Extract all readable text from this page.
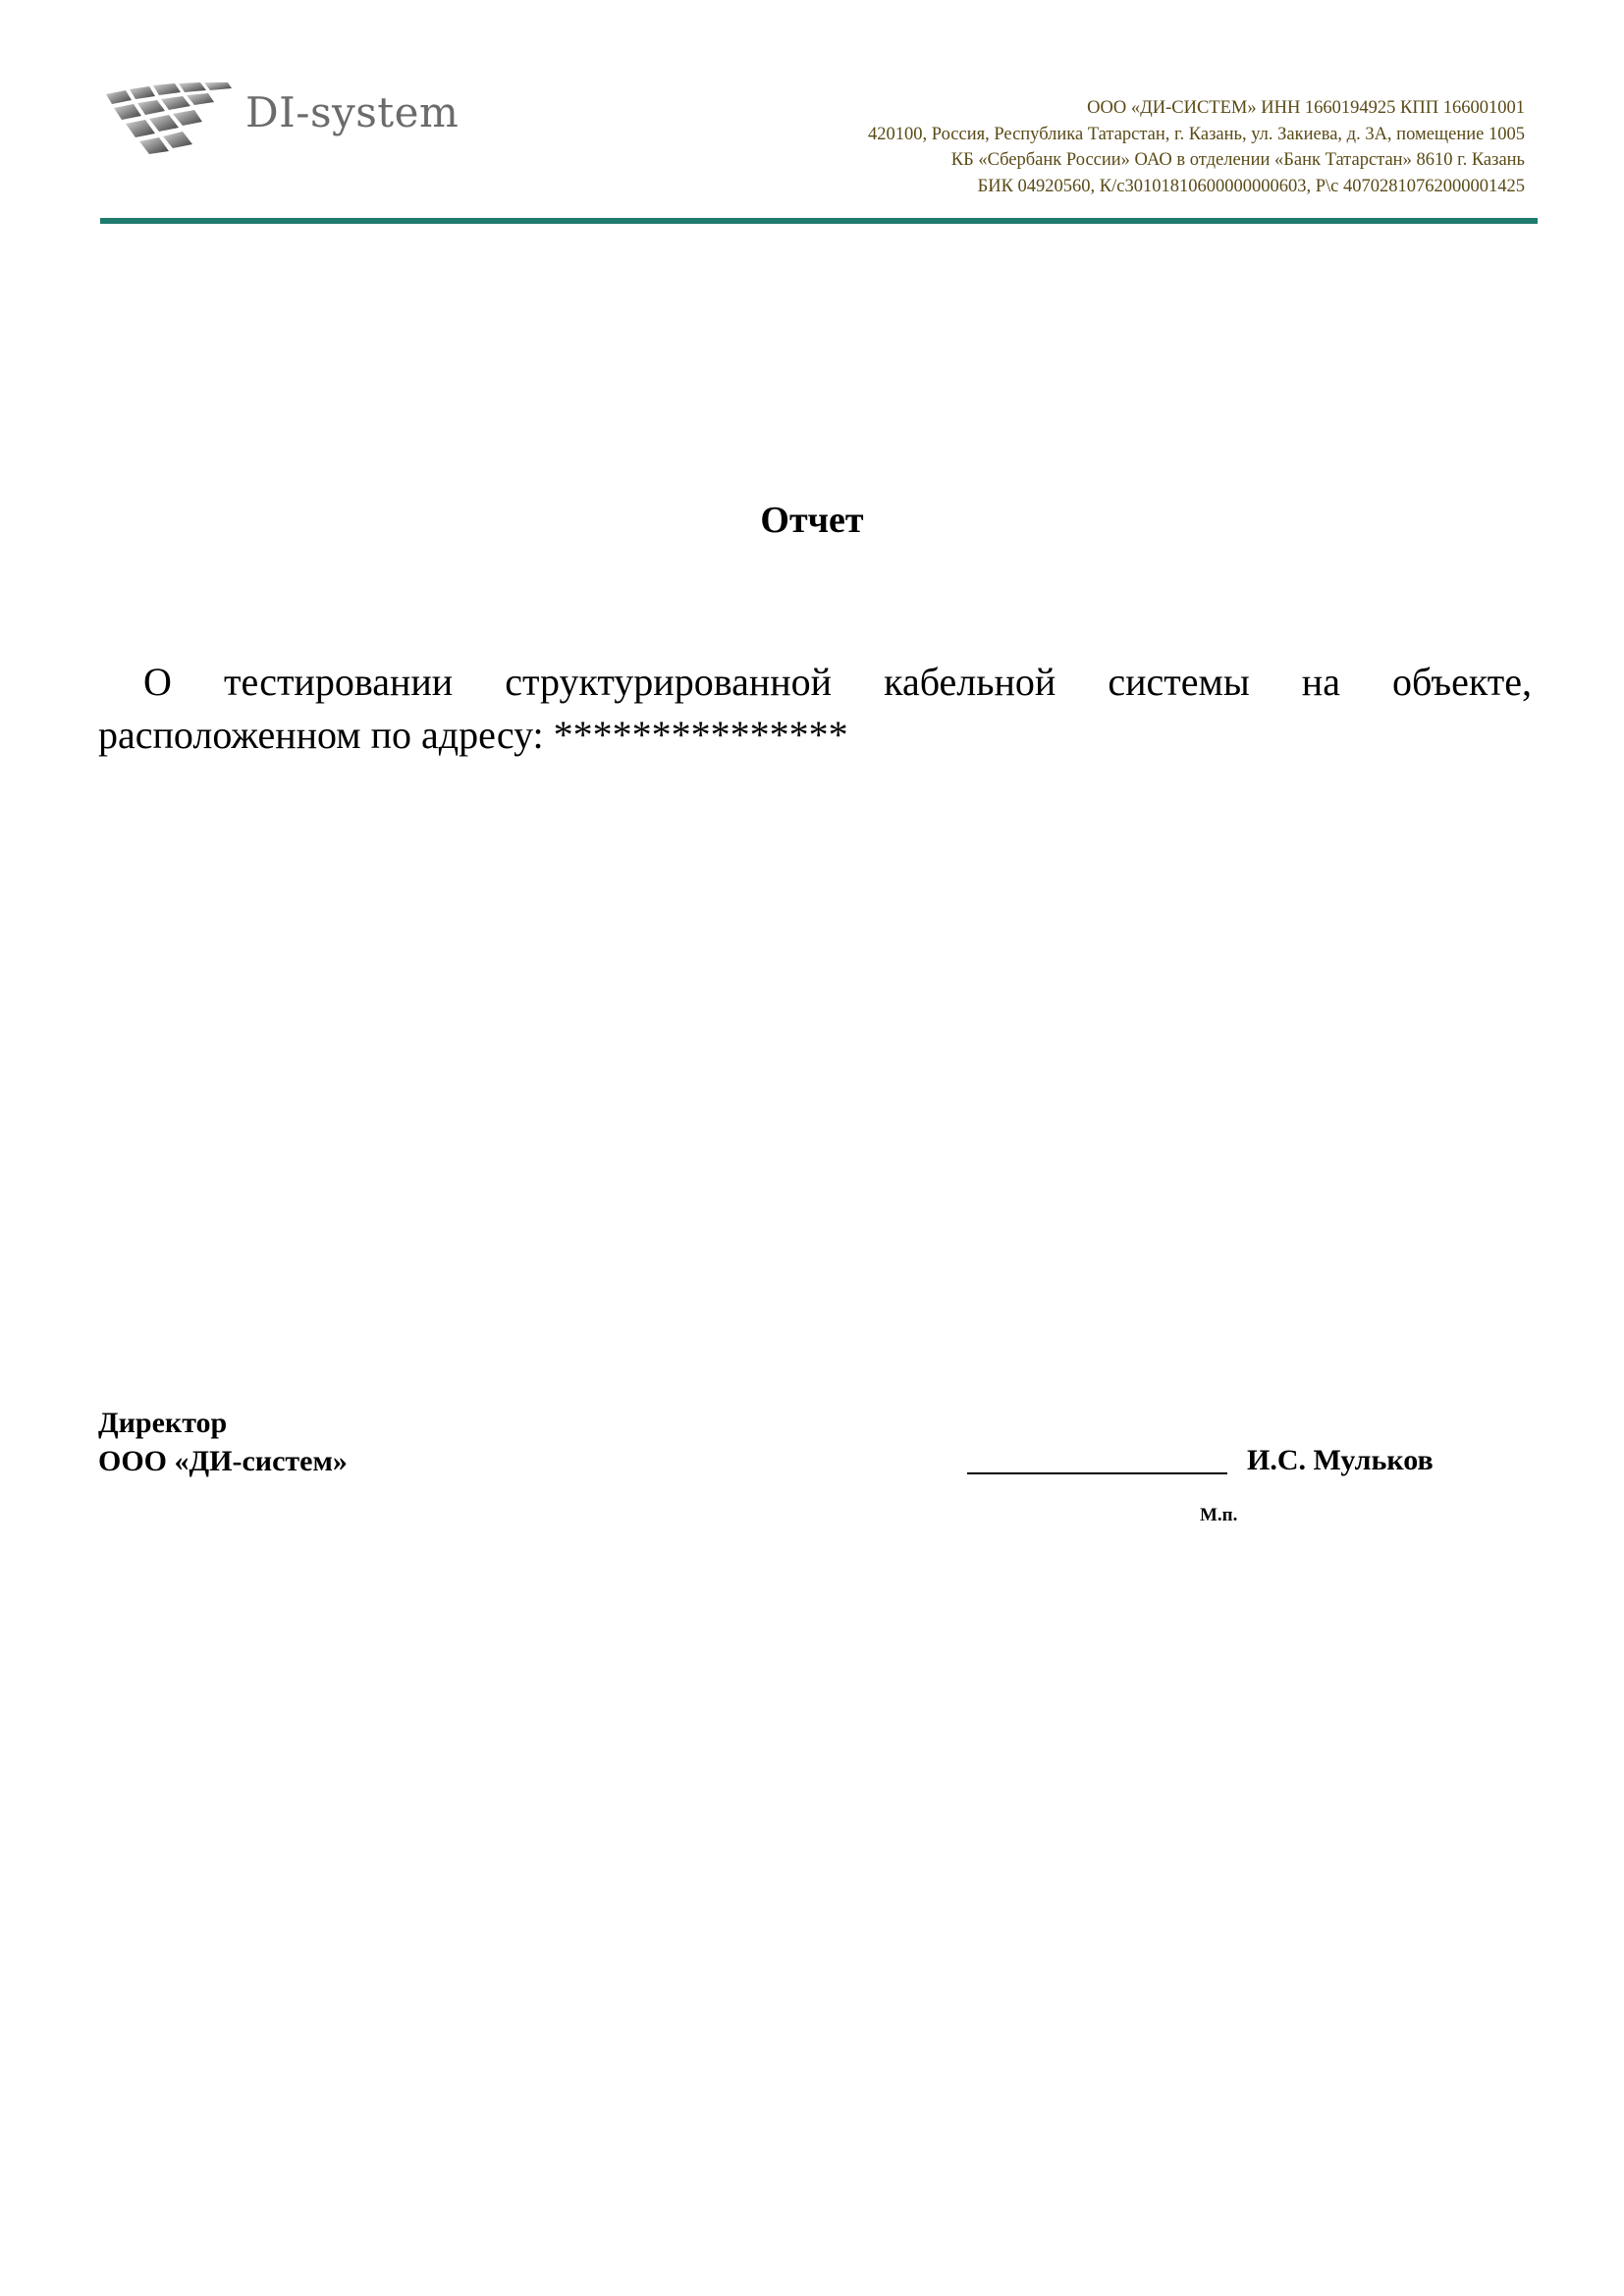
DI-system	ООО «ДИ-СИСТЕМ» ИНН 1660194925 КПП 166001001
420100, Россия, Республика Татарстан, г. Казань, ул. Закиева, д. 3А, помещение 1005
КБ «Сбербанк России» ОАО в отделении «Банк Татарстан» 8610 г. Казань
БИК 04920560, К/с30101810600000000603, Р\с 40702810762000001425
Отчет
О тестировании структурированной кабельной системы на объекте, расположенном по адресу: ***************
Директор
ООО «ДИ-систем»	И.С. Мульков
М.п.
